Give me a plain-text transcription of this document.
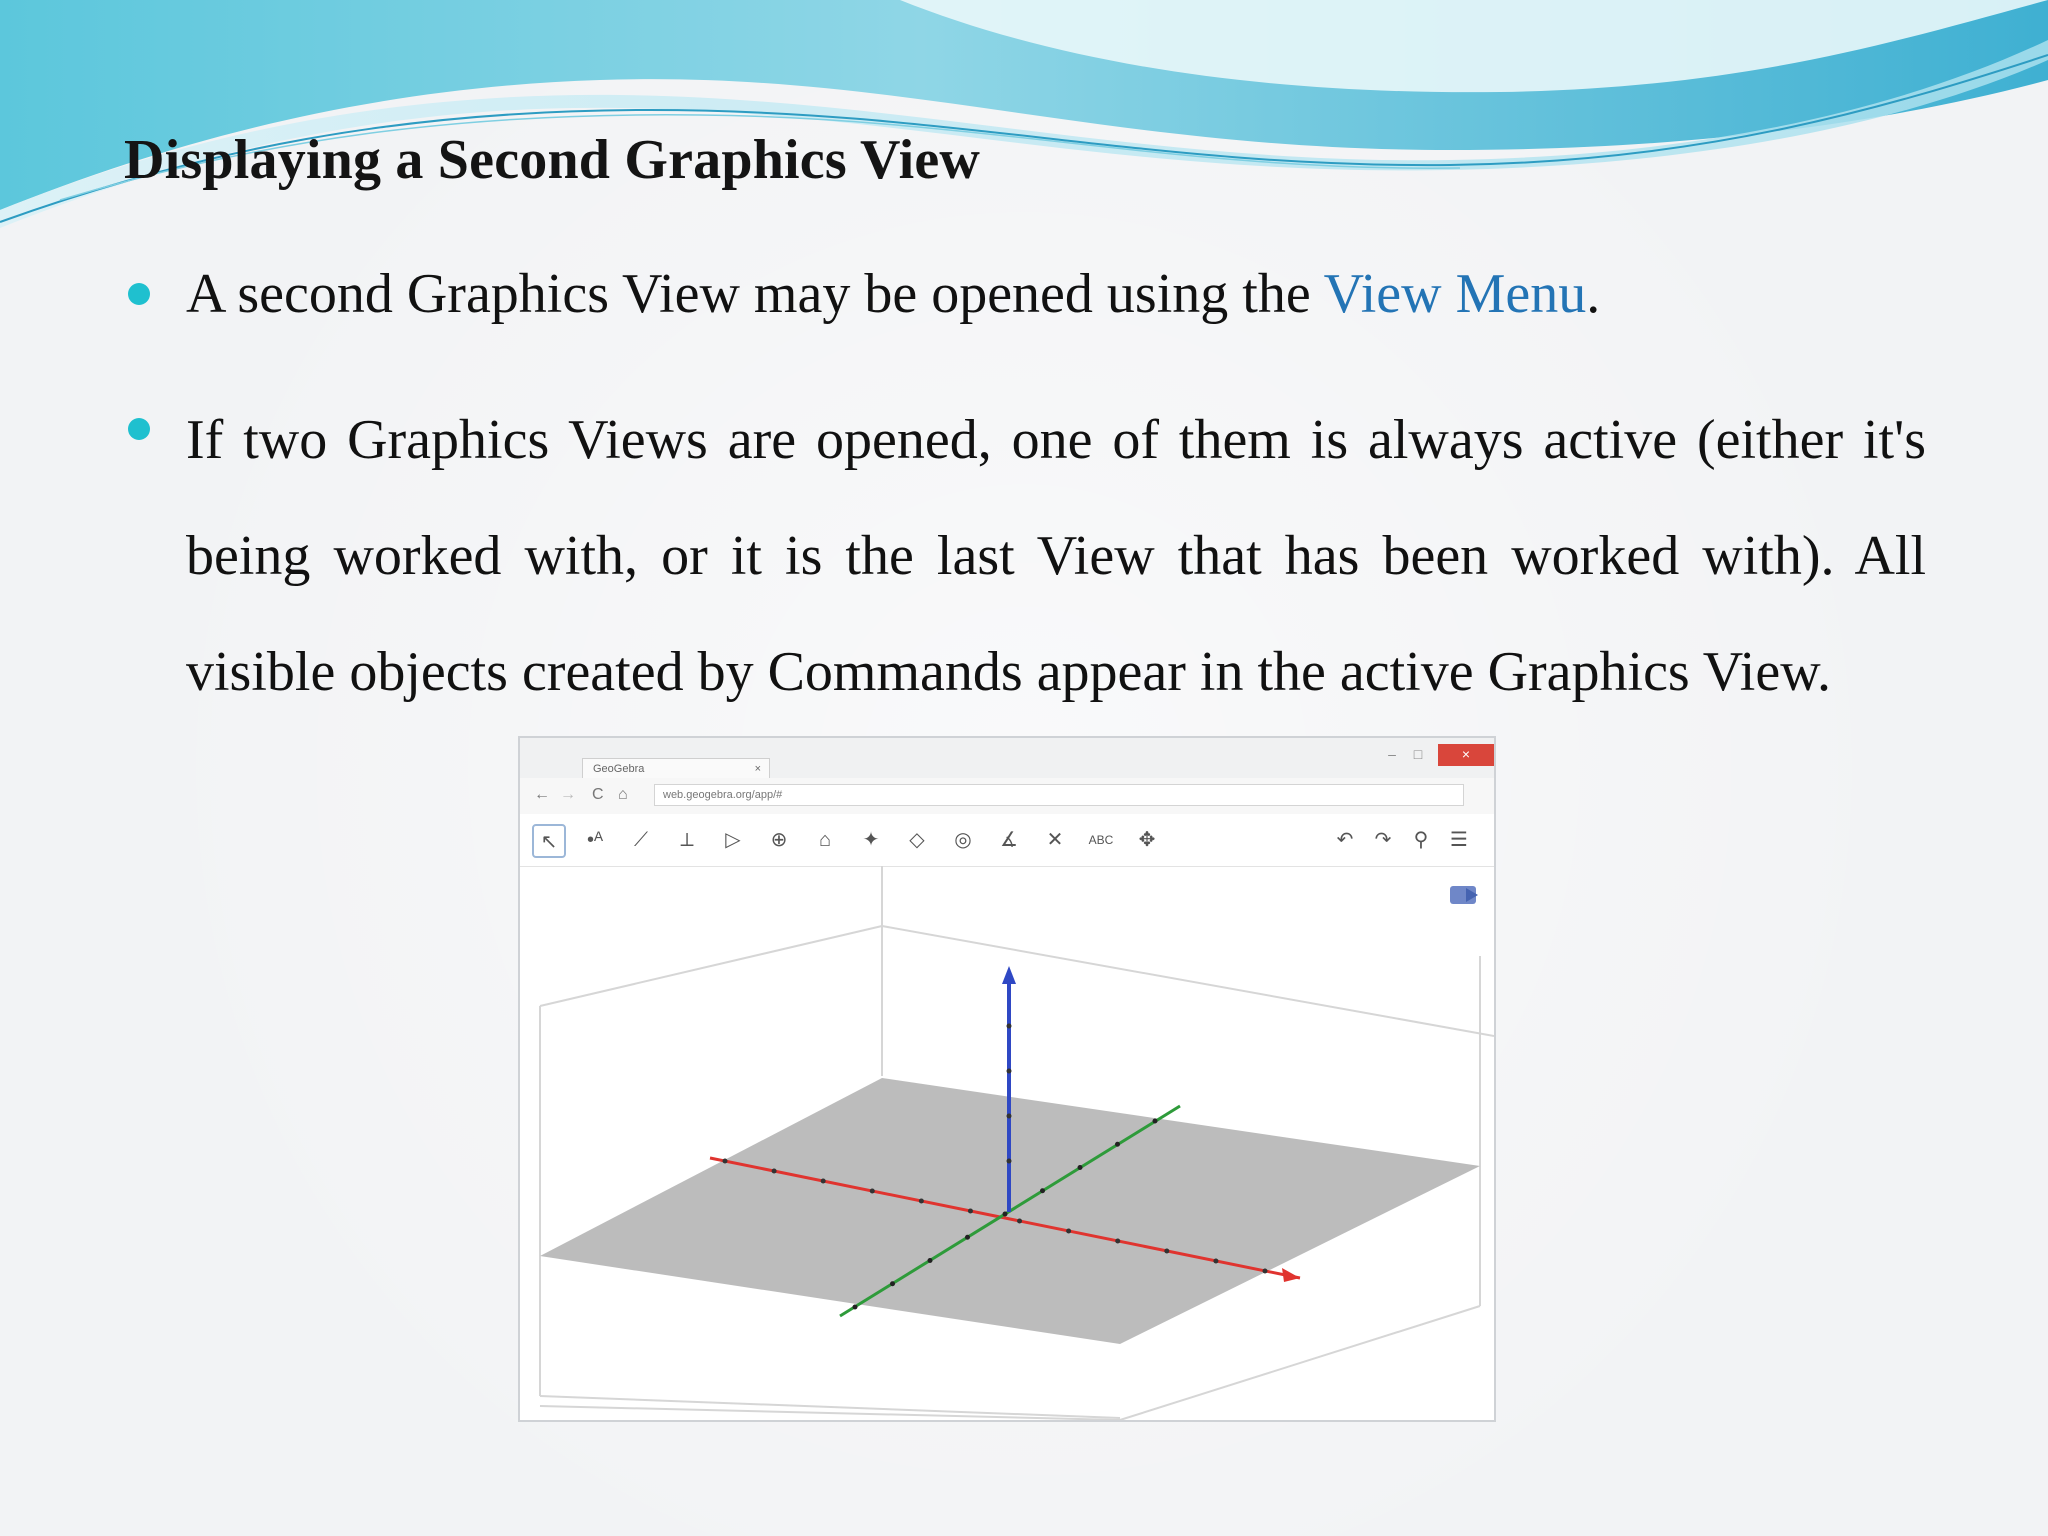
Displaying a Second Graphics View
A second Graphics View may be opened using the View Menu.
If two Graphics Views are opened, one of them is always active (either it's being worked with, or it is the last View that has been worked with). All visible objects created by Commands appear in the active Graphics View.
GeoGebra	×
–	□	×
← → C ⌂	web.geogebra.org/app/#
↖	•ᴬ	⟋	⟂	▷	⊕	⌂	✦	◇	◎	∡	✕	ABC	✥	↶	↷	⚲	☰
